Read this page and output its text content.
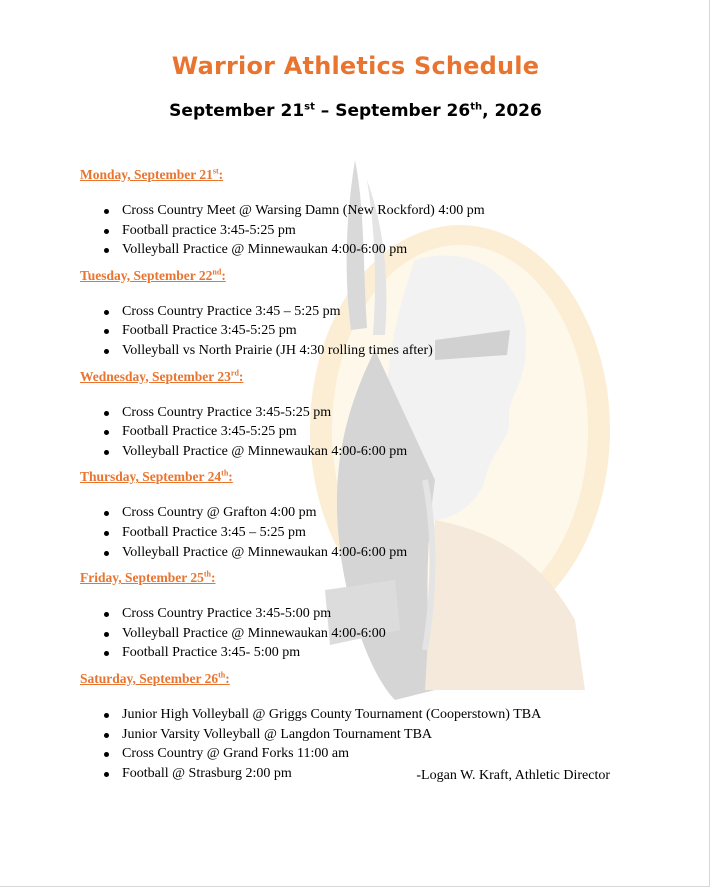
Warrior Athletics Schedule
September 21st – September 26th, 2026

Monday, September 21st:

Cross Country Meet @ Warsing Damn (New Rockford) 4:00 pm
Football practice 3:45-5:25 pm
Volleyball Practice @ Minnewaukan 4:00-6:00 pm

Tuesday, September 22nd:

Cross Country Practice 3:45 – 5:25 pm
Football Practice 3:45-5:25 pm
Volleyball vs North Prairie (JH 4:30 rolling times after)

Wednesday, September 23rd:

Cross Country Practice 3:45-5:25 pm
Football Practice 3:45-5:25 pm
Volleyball Practice @ Minnewaukan 4:00-6:00 pm

Thursday, September 24th:

Cross Country @ Grafton 4:00 pm
Football Practice 3:45 – 5:25 pm
Volleyball Practice @ Minnewaukan 4:00-6:00 pm

Friday, September 25th:

Cross Country Practice 3:45-5:00 pm
Volleyball Practice @ Minnewaukan 4:00-6:00
Football Practice 3:45- 5:00 pm

Saturday, September 26th:

Junior High Volleyball @ Griggs County Tournament (Cooperstown) TBA
Junior Varsity Volleyball @ Langdon Tournament TBA
Cross Country @ Grand Forks 11:00 am
Football @ Strasburg 2:00 pm	-Logan W. Kraft, Athletic Director
